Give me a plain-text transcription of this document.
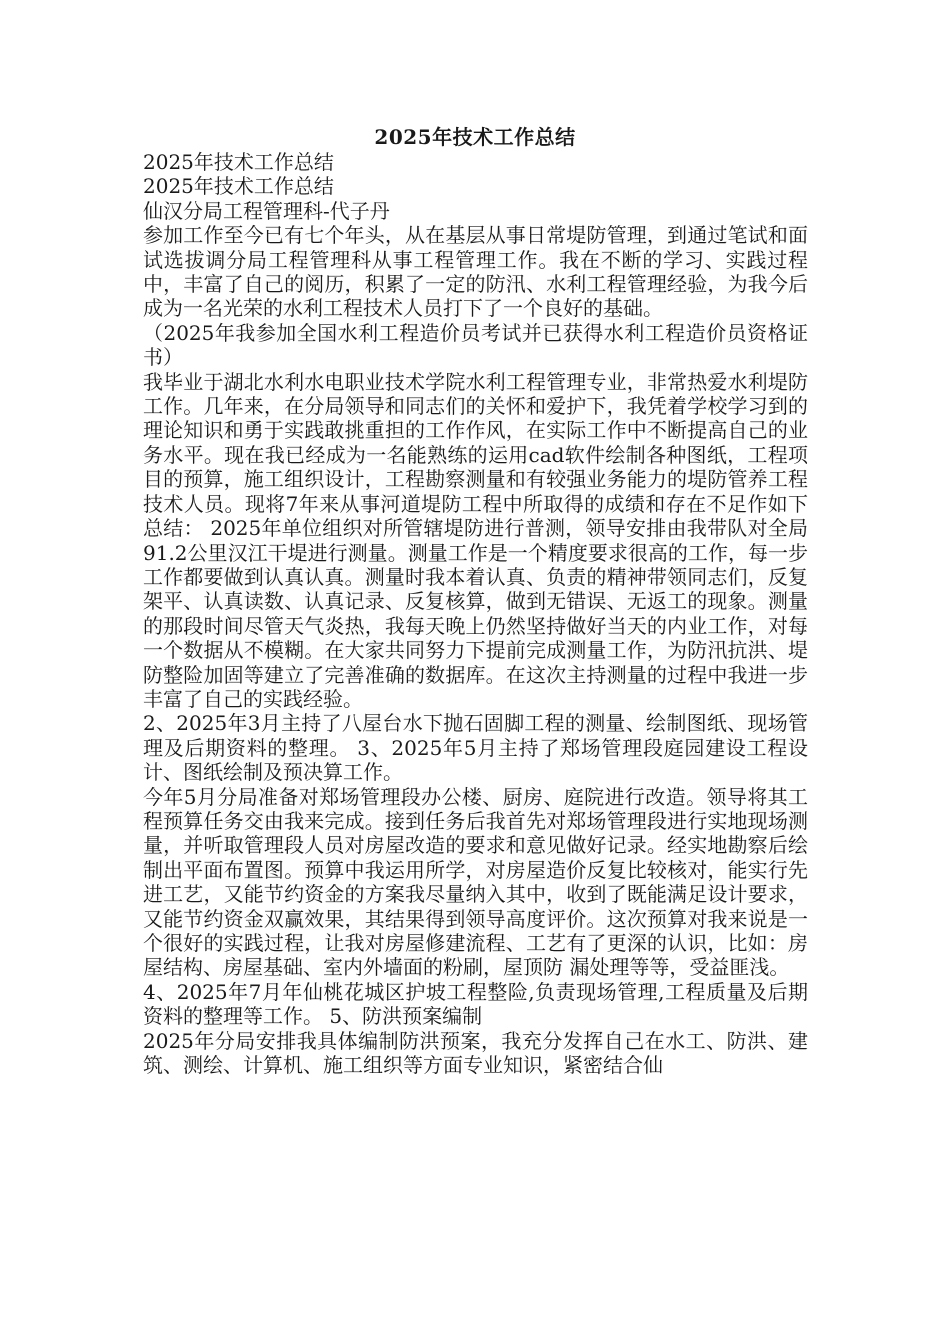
2025年技术工作总结

2025年技术工作总结

2025年技术工作总结

仙汉分局工程管理科-代子丹

参加工作至今已有七个年头，从在基层从事日常堤防管理，到通过笔试和面试选拔调分局工程管理科从事工程管理工作。我在不断的学习、实践过程中，丰富了自己的阅历，积累了一定的防汛、水利工程管理经验，为我今后成为一名光荣的水利工程技术人员打下了一个良好的基础。

（2025年我参加全国水利工程造价员考试并已获得水利工程造价员资格证书）

我毕业于湖北水利水电职业技术学院水利工程管理专业，非常热爱水利堤防工作。几年来，在分局领导和同志们的关怀和爱护下，我凭着学校学习到的理论知识和勇于实践敢挑重担的工作作风，在实际工作中不断提高自己的业务水平。现在我已经成为一名能熟练的运用cad软件绘制各种图纸，工程项目的预算，施工组织设计，工程勘察测量和有较强业务能力的堤防管养工程技术人员。现将7年来从事河道堤防工程中所取得的成绩和存在不足作如下总结： 2025年单位组织对所管辖堤防进行普测，领导安排由我带队对全局91.2公里汉江干堤进行测量。测量工作是一个精度要求很高的工作，每一步工作都要做到认真认真。测量时我本着认真、负责的精神带领同志们，反复架平、认真读数、认真记录、反复核算，做到无错误、无返工的现象。测量的那段时间尽管天气炎热，我每天晚上仍然坚持做好当天的内业工作，对每一个数据从不模糊。在大家共同努力下提前完成测量工作，为防汛抗洪、堤防整险加固等建立了完善准确的数据库。在这次主持测量的过程中我进一步丰富了自己的实践经验。

2、2025年3月主持了八屋台水下抛石固脚工程的测量、绘制图纸、现场管理及后期资料的整理。 3、2025年5月主持了郑场管理段庭园建设工程设计、图纸绘制及预决算工作。

今年5月分局准备对郑场管理段办公楼、厨房、庭院进行改造。领导将其工程预算任务交由我来完成。接到任务后我首先对郑场管理段进行实地现场测量，并听取管理段人员对房屋改造的要求和意见做好记录。经实地勘察后绘制出平面布置图。预算中我运用所学，对房屋造价反复比较核对，能实行先进工艺，又能节约资金的方案我尽量纳入其中，收到了既能满足设计要求，又能节约资金双赢效果，其结果得到领导高度评价。这次预算对我来说是一个很好的实践过程，让我对房屋修建流程、工艺有了更深的认识，比如：房屋结构、房屋基础、室内外墙面的粉刷，屋顶防 漏处理等等，受益匪浅。

4、2025年7月年仙桃花城区护坡工程整险,负责现场管理,工程质量及后期资料的整理等工作。 5、防洪预案编制

2025年分局安排我具体编制防洪预案，我充分发挥自己在水工、防洪、建筑、测绘、计算机、施工组织等方面专业知识，紧密结合仙
